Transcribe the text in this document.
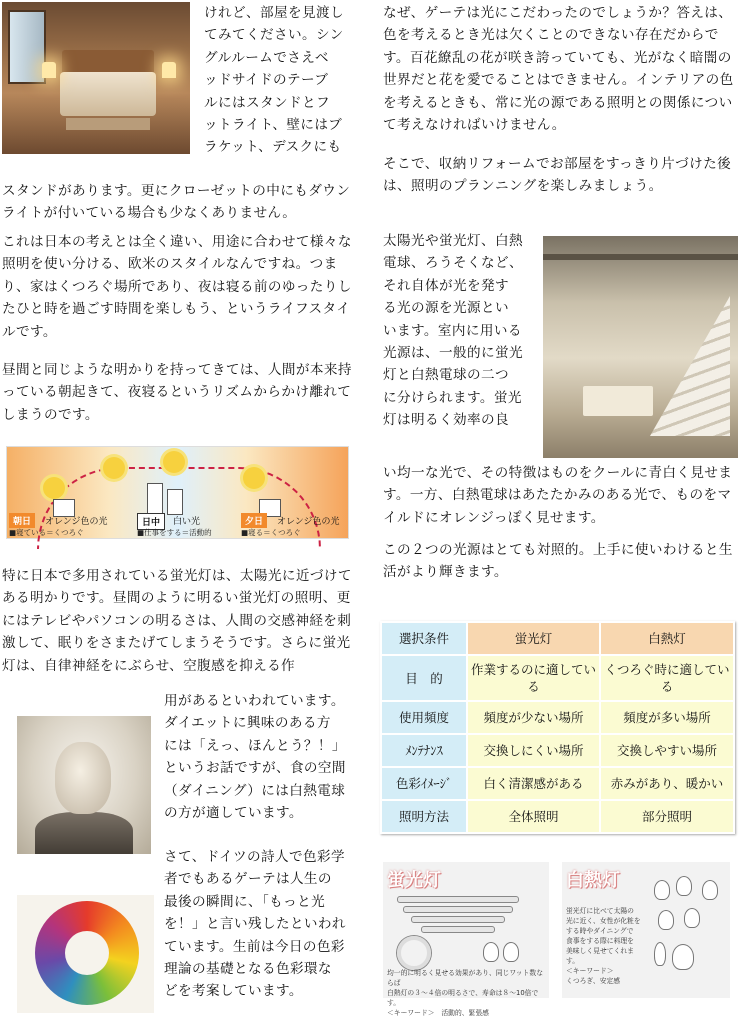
けれど、部屋を見渡し

てみてください。シン

グルルームでさえベ

ッドサイドのテーブ

ルにはスタンドとフ

ットライト、壁にはブ

ラケット、デスクにも

スタンドがあります。更にクローゼットの中にもダウンライトが付いている場合も少なくありません。

これは日本の考えとは全く違い、用途に合わせて様々な照明を使い分ける、欧米のスタイルなんですね。つまり、家はくつろぐ場所であり、夜は寝る前のゆったりしたひと時を過ごす時間を楽しもう、というライフスタイルです。

昼間と同じような明かりを持ってきては、人間が本来持っている朝起きて、夜寝るというリズムからかけ離れてしまうのです。

朝日	オレンジ色の光
■寝ている＝くつろぐ
日中	白い光
■仕事をする＝活動的
夕日	オレンジ色の光
■寝る＝くつろぐ

特に日本で多用されている蛍光灯は、太陽光に近づけてある明かりです。昼間のように明るい蛍光灯の照明、更にはテレビやパソコンの明るさは、人間の交感神経を刺激して、眠りをさまたげてしまうそうです。さらに蛍光灯は、自律神経をにぶらせ、空腹感を抑える作

用があるといわれています。

ダイエットに興味のある方

には「えっ、ほんとう？！」

というお話ですが、食の空間

（ダイニング）には白熱電球

の方が適しています。

さて、ドイツの詩人で色彩学

者でもあるゲーテは人生の

最後の瞬間に、「もっと光

を！」と言い残したといわれ

ています。生前は今日の色彩

理論の基礎となる色彩環な

どを考案しています。

なぜ、ゲーテは光にこだわったのでしょうか？答えは、色を考えるとき光は欠くことのできない存在だからです。百花繚乱の花が咲き誇っていても、光がなく暗闇の世界だと花を愛でることはできません。インテリアの色を考えるときも、常に光の源である照明との関係について考えなければいけません。

そこで、収納リフォームでお部屋をすっきり片づけた後は、照明のプランニングを楽しみましょう。

太陽光や蛍光灯、白熱

電球、ろうそくなど、

それ自体が光を発す

る光の源を光源とい

います。室内に用いる

光源は、一般的に蛍光

灯と白熱電球の二つ

に分けられます。蛍光

灯は明るく効率の良

い均一な光で、その特徴はものをクールに青白く見せます。一方、白熱電球はあたたかみのある光で、ものをマイルドにオレンジっぽく見せます。

この２つの光源はとても対照的。上手に使いわけると生活がより輝きます。

選択条件	蛍光灯	白熱灯
目　的	作業するのに適している	くつろぐ時に適している
使用頻度	頻度が少ない場所	頻度が多い場所
ﾒﾝﾃﾅﾝｽ	交換しにくい場所	交換しやすい場所
色彩ｲﾒｰｼﾞ	白く清潔感がある	赤みがあり、暖かい
照明方法	全体照明	部分照明
蛍光灯
均一的に明るく見せる効果があり、同じワット数ならば
白熱灯の３～４倍の明るさで、寿命は８～10倍です。
＜キーワード＞　活動的、緊張感
白熱灯
蛍光灯に比べて太陽の
光に近く、女性が化粧を
する時やダイニングで
食事をする際に料理を
美味しく見せてくれます。
＜キーワード＞
くつろぎ、安定感
